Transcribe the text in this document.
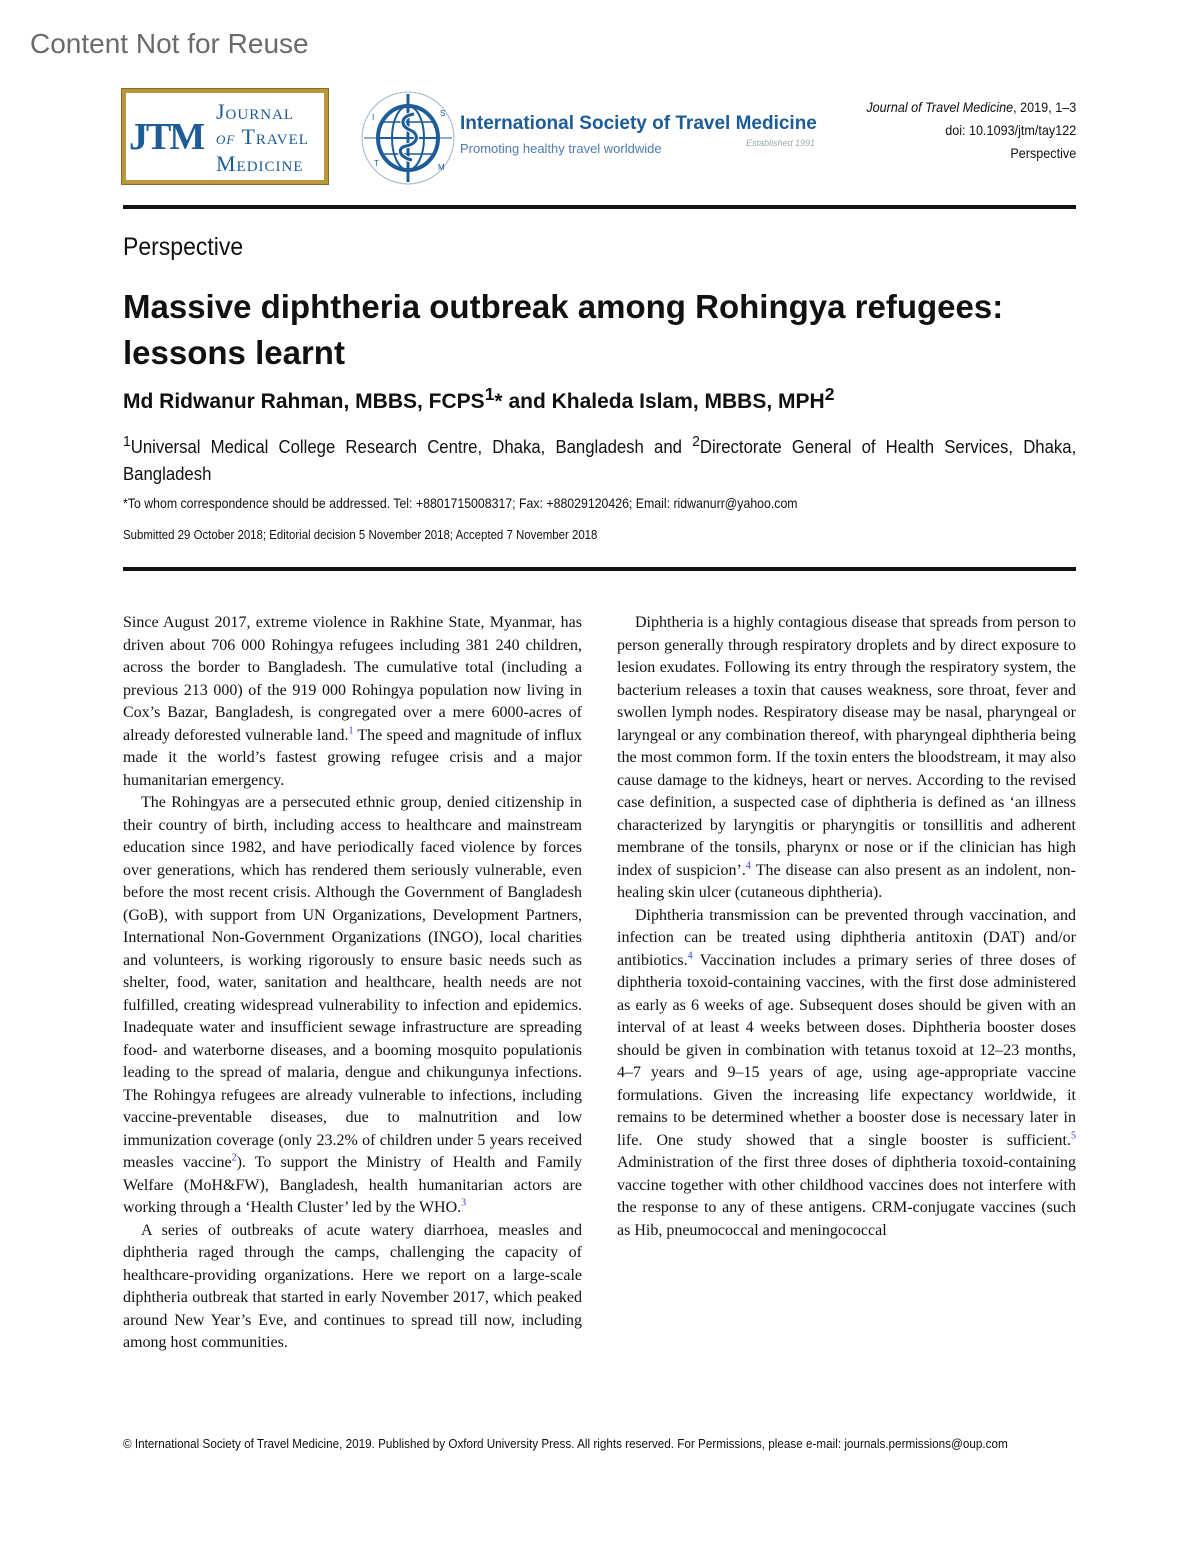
Content Not for Reuse
JTM
Journal
of Travel
Medicine
I	S
T	M
International Society of Travel Medicine
Established 1991
Promoting healthy travel worldwide
Journal of Travel Medicine, 2019, 1–3
doi: 10.1093/jtm/tay122
Perspective
Perspective
Massive diphtheria outbreak among Rohingya refugees: lessons learnt
Md Ridwanur Rahman, MBBS, FCPS$^1$* and Khaleda Islam, MBBS, MPH$^2$
$^1$Universal Medical College Research Centre, Dhaka, Bangladesh and $^2$Directorate General of Health Services, Dhaka, Bangladesh
*To whom correspondence should be addressed. Tel: +8801715008317; Fax: +88029120426; Email: ridwanurr@yahoo.com
Submitted 29 October 2018; Editorial decision 5 November 2018; Accepted 7 November 2018

Since August 2017, extreme violence in Rakhine State, Myanmar, has driven about 706 000 Rohingya refugees including 381 240 children, across the border to Bangladesh. The cumulative total (including a previous 213 000) of the 919 000 Rohingya population now living in Cox’s Bazar, Bangladesh, is congregated over a mere 6000-acres of already deforested vulnerable land.$^1$ The speed and magnitude of influx made it the world’s fastest growing refugee crisis and a major humanitarian emergency.

The Rohingyas are a persecuted ethnic group, denied citizenship in their country of birth, including access to healthcare and mainstream education since 1982, and have periodically faced violence by forces over generations, which has rendered them seriously vulnerable, even before the most recent crisis. Although the Government of Bangladesh (GoB), with support from UN Organizations, Development Partners, International Non-Government Organizations (INGO), local charities and volunteers, is working rigorously to ensure basic needs such as shelter, food, water, sanitation and healthcare, health needs are not fulfilled, creating widespread vulnerability to infection and epidemics. Inadequate water and insufficient sewage infrastructure are spreading food- and waterborne diseases, and a booming mosquito populationis leading to the spread of malaria, dengue and chikungunya infections. The Rohingya refugees are already vulnerable to infections, including vaccine-preventable diseases, due to malnutrition and low immunization coverage (only 23.2% of children under 5 years received measles vaccine$^2$). To support the Ministry of Health and Family Welfare (MoH&FW), Bangladesh, health humanitarian actors are working through a ‘Health Cluster’ led by the WHO.$^3$

A series of outbreaks of acute watery diarrhoea, measles and diphtheria raged through the camps, challenging the capacity of healthcare-providing organizations. Here we report on a large-scale diphtheria outbreak that started in early November 2017, which peaked around New Year’s Eve, and continues to spread till now, including among host communities.

Diphtheria is a highly contagious disease that spreads from person to person generally through respiratory droplets and by direct exposure to lesion exudates. Following its entry through the respiratory system, the bacterium releases a toxin that causes weakness, sore throat, fever and swollen lymph nodes. Respiratory disease may be nasal, pharyngeal or laryngeal or any combination thereof, with pharyngeal diphtheria being the most common form. If the toxin enters the bloodstream, it may also cause damage to the kidneys, heart or nerves. According to the revised case definition, a suspected case of diphtheria is defined as ‘an illness characterized by laryngitis or pharyngitis or tonsillitis and adherent membrane of the tonsils, pharynx or nose or if the clinician has high index of suspicion’.$^4$ The disease can also present as an indolent, non-healing skin ulcer (cutaneous diphtheria).

Diphtheria transmission can be prevented through vaccination, and infection can be treated using diphtheria antitoxin (DAT) and/or antibiotics.$^4$ Vaccination includes a primary series of three doses of diphtheria toxoid-containing vaccines, with the first dose administered as early as 6 weeks of age. Subsequent doses should be given with an interval of at least 4 weeks between doses. Diphtheria booster doses should be given in combination with tetanus toxoid at 12–23 months, 4–7 years and 9–15 years of age, using age-appropriate vaccine formulations. Given the increasing life expectancy worldwide, it remains to be determined whether a booster dose is necessary later in life. One study showed that a single booster is sufficient.$^5$ Administration of the first three doses of diphtheria toxoid-containing vaccine together with other childhood vaccines does not interfere with the response to any of these antigens. CRM-conjugate vaccines (such as Hib, pneumococcal and meningococcal

© International Society of Travel Medicine, 2019. Published by Oxford University Press. All rights reserved. For Permissions, please e-mail: journals.permissions@oup.com
